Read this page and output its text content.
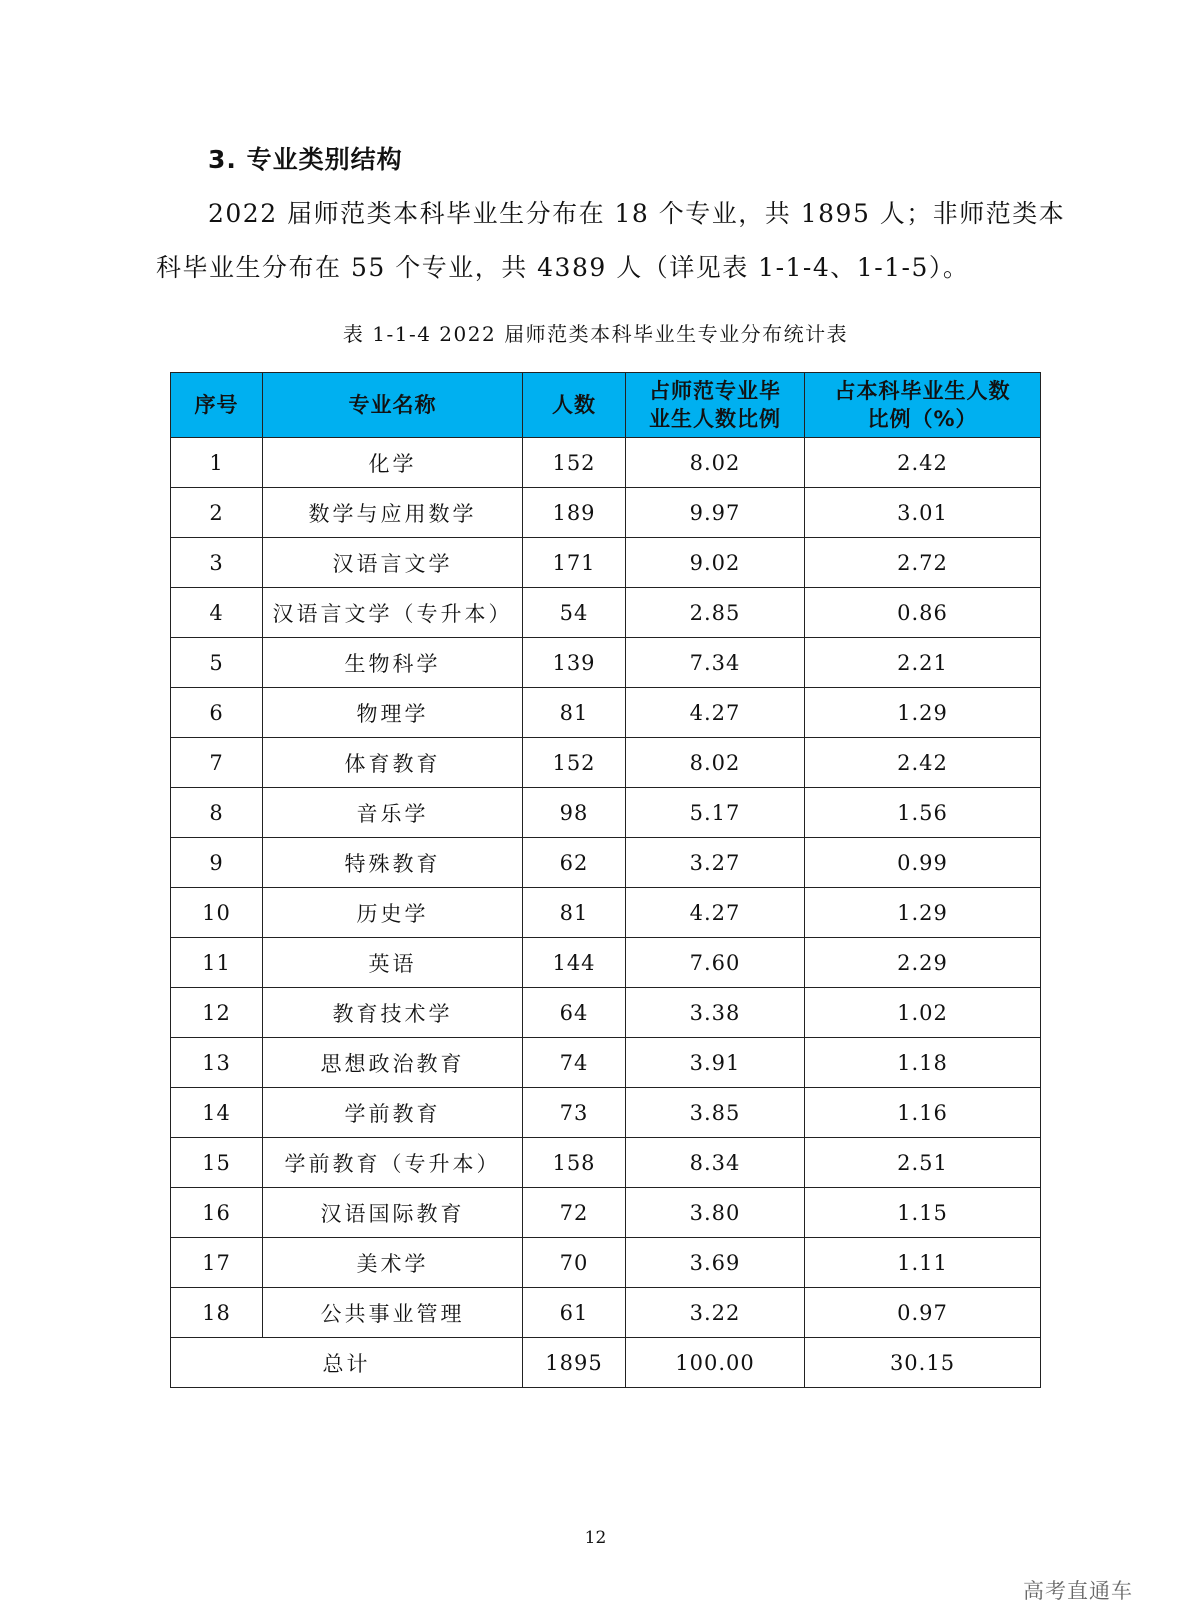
3. 专业类别结构
2022 届师范类本科毕业生分布在 18 个专业，共 1895 人；非师范类本
科毕业生分布在 55 个专业，共 4389 人（详见表 1-1-4、1-1-5）。
表 1-1-4 2022 届师范类本科毕业生专业分布统计表
序号	专业名称	人数	占师范专业毕业生人数比例	占本科毕业生人数比例（%）
1	化学	152	8.02	2.42
2	数学与应用数学	189	9.97	3.01
3	汉语言文学	171	9.02	2.72
4	汉语言文学（专升本）	54	2.85	0.86
5	生物科学	139	7.34	2.21
6	物理学	81	4.27	1.29
7	体育教育	152	8.02	2.42
8	音乐学	98	5.17	1.56
9	特殊教育	62	3.27	0.99
10	历史学	81	4.27	1.29
11	英语	144	7.60	2.29
12	教育技术学	64	3.38	1.02
13	思想政治教育	74	3.91	1.18
14	学前教育	73	3.85	1.16
15	学前教育（专升本）	158	8.34	2.51
16	汉语国际教育	72	3.80	1.15
17	美术学	70	3.69	1.11
18	公共事业管理	61	3.22	0.97
总计		1895	100.00	30.15
12
高考直通车
